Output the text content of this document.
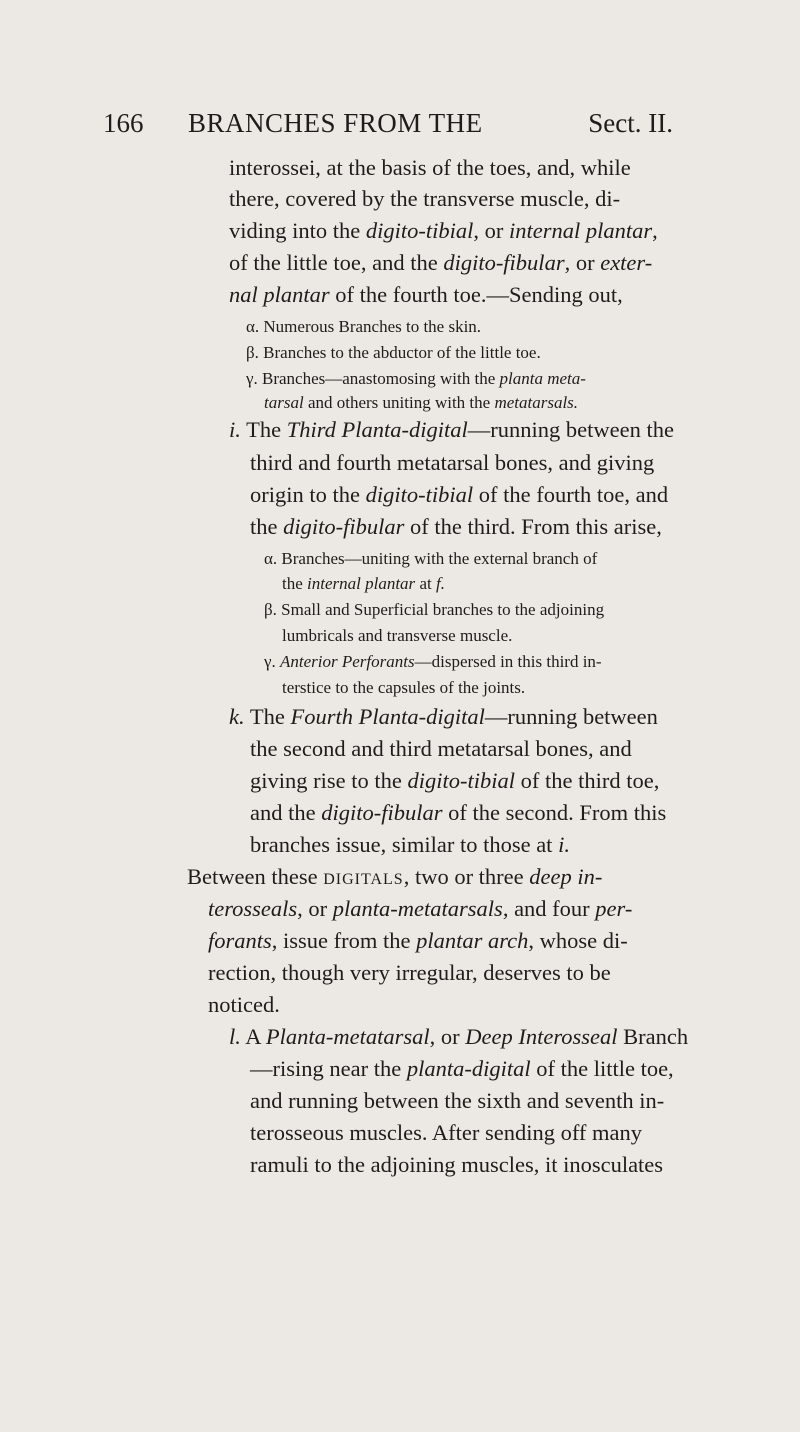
166 BRANCHES FROM THE	Sect. II.
interossei, at the basis of the toes, and, while
there, covered by the transverse muscle, di-
viding into the digito-tibial, or internal plantar,
of the little toe, and the digito-fibular, or exter-
nal plantar of the fourth toe.—Sending out,
α. Numerous Branches to the skin.
β. Branches to the abductor of the little toe.
γ. Branches—anastomosing with the planta meta-
tarsal and others uniting with the metatarsals.
i. The Third Planta-digital—running between the
third and fourth metatarsal bones, and giving
origin to the digito-tibial of the fourth toe, and
the digito-fibular of the third. From this arise,
α. Branches—uniting with the external branch of
the internal plantar at f.
β. Small and Superficial branches to the adjoining
lumbricals and transverse muscle.
γ. Anterior Perforants—dispersed in this third in-
terstice to the capsules of the joints.
k. The Fourth Planta-digital—running between
the second and third metatarsal bones, and
giving rise to the digito-tibial of the third toe,
and the digito-fibular of the second. From this
branches issue, similar to those at i.
Between these digitals, two or three deep in-
terosseals, or planta-metatarsals, and four per-
forants, issue from the plantar arch, whose di-
rection, though very irregular, deserves to be
noticed.
l. A Planta-metatarsal, or Deep Interosseal Branch
—rising near the planta-digital of the little toe,
and running between the sixth and seventh in-
terosseous muscles. After sending off many
ramuli to the adjoining muscles, it inosculates
